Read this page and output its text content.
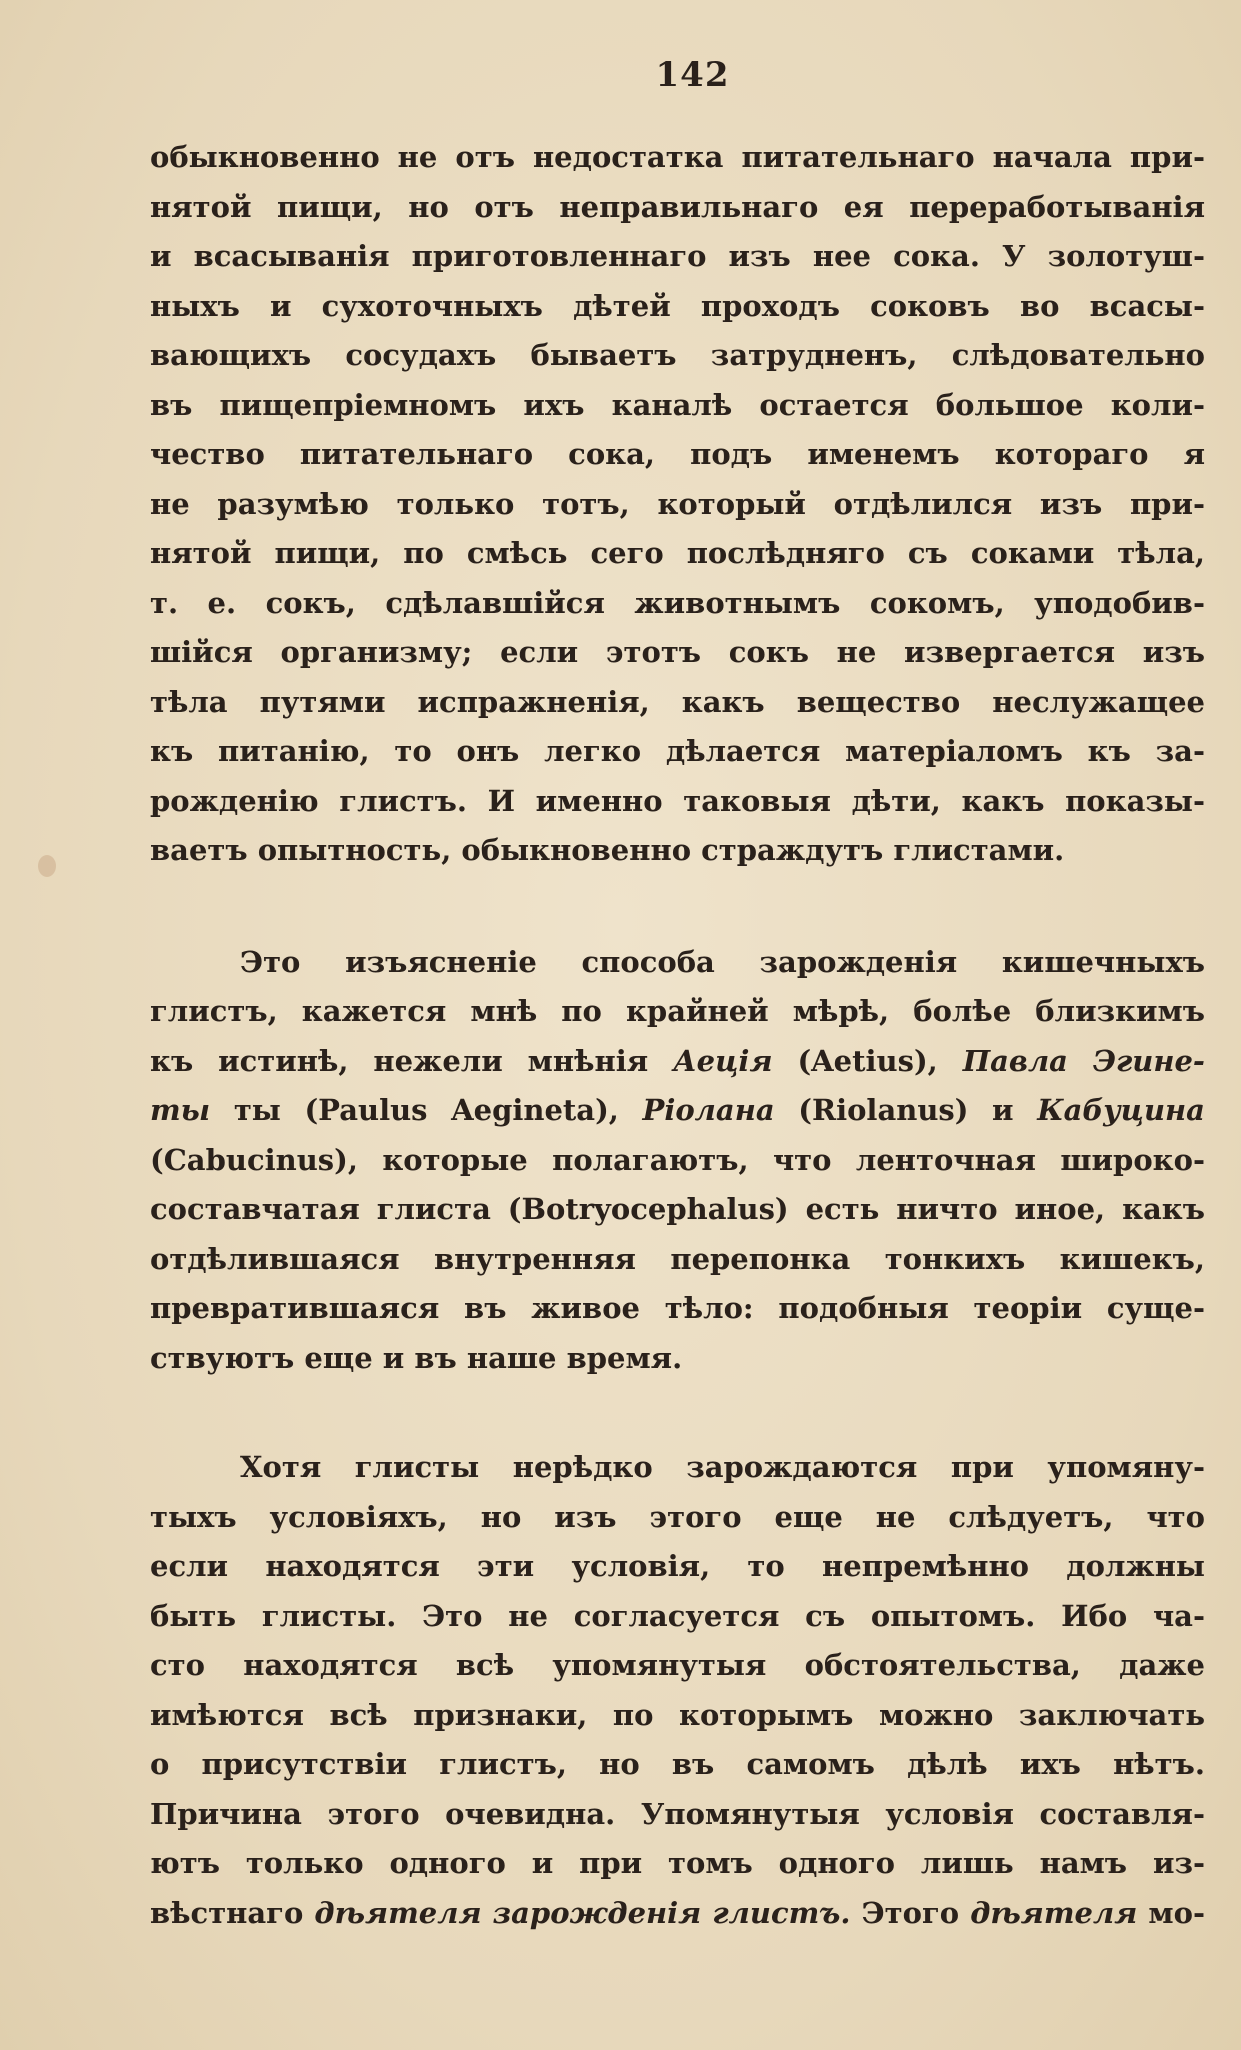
142
обыкновенно не отъ недостатка питательнаго начала при-
нятой пищи, но отъ неправильнаго ея переработыванія
и всасыванія приготовленнаго изъ нее сока. У золотуш-
ныхъ и сухоточныхъ дѣтей проходъ соковъ во всасы-
вающихъ сосудахъ бываетъ затрудненъ, слѣдовательно
въ пищепріемномъ ихъ каналѣ остается большое коли-
чество питательнаго сока, подъ именемъ котораго я
не разумѣю только тотъ, который отдѣлился изъ при-
нятой пищи, по смѣсь сего послѣдняго съ соками тѣла,
т. е. сокъ, сдѣлавшійся животнымъ сокомъ, уподобив-
шійся организму; если этотъ сокъ не извергается изъ
тѣла путями испражненія, какъ вещество неслужащее
къ питанію, то онъ легко дѣлается матеріаломъ къ за-
рожденію глистъ. И именно таковыя дѣти, какъ показы-
ваетъ опытность, обыкновенно страждутъ глистами.
Это изъясненіе способа зарожденія кишечныхъ
глистъ, кажется мнѣ по крайней мѣрѣ, болѣе близкимъ
къ истинѣ, нежели мнѣнія Аеція (Aetius), Павла Эгине-
ты ты (Paulus Aegineta), Ріолана (Riolanus) и Кабуцина
(Cabucinus), которые полагаютъ, что ленточная широко-
составчатая глиста (Botryocephalus) есть ничто иное, какъ
отдѣлившаяся внутренняя перепонка тонкихъ кишекъ,
превратившаяся въ живое тѣло: подобныя теоріи суще-
ствуютъ еще и въ наше время.
Хотя глисты нерѣдко зарождаются при упомяну-
тыхъ условіяхъ, но изъ этого еще не слѣдуетъ, что
если находятся эти условія, то непремѣнно должны
быть глисты. Это не согласуется съ опытомъ. Ибо ча-
сто находятся всѣ упомянутыя обстоятельства, даже
имѣются всѣ признаки, по которымъ можно заключать
о присутствіи глистъ, но въ самомъ дѣлѣ ихъ нѣтъ.
Причина этого очевидна. Упомянутыя условія составля-
ютъ только одного и при томъ одного лишь намъ из-
вѣстнаго дѣятеля зарожденія глистъ. Этого дѣятеля мо-
